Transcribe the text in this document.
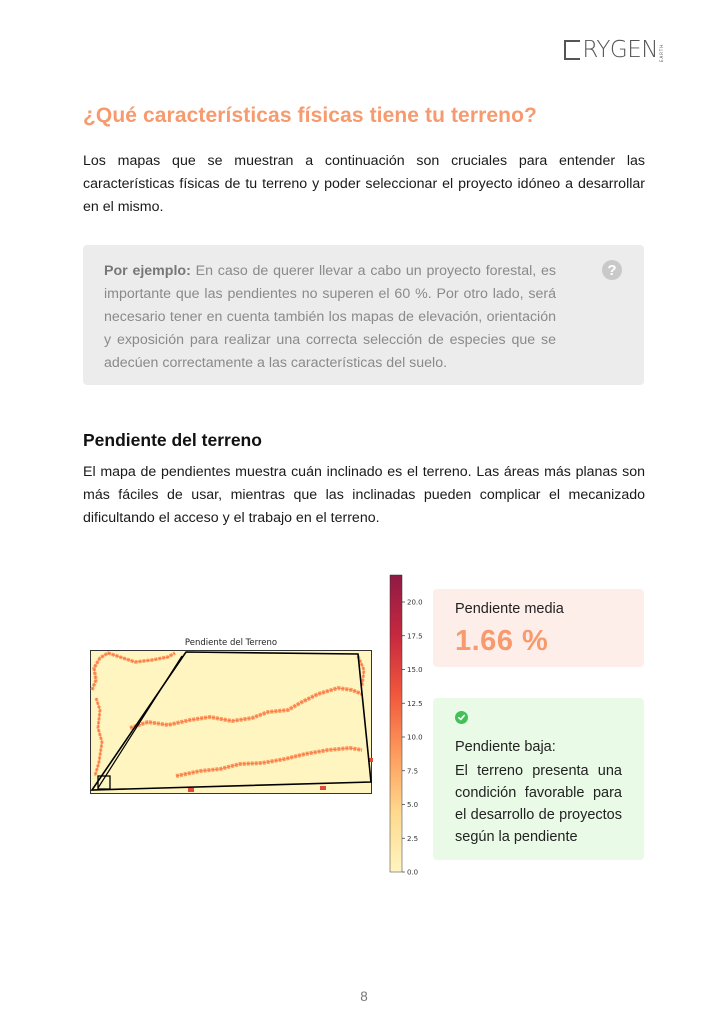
RYGEN EARTH
¿Qué características físicas tiene tu terreno?

Los mapas que se muestran a continuación son cruciales para entender las características físicas de tu terreno y poder seleccionar el proyecto idóneo a desarrollar en el mismo.

Por ejemplo: En caso de querer llevar a cabo un proyecto forestal, es importante que las pendientes no superen el 60 %. Por otro lado, será necesario tener en cuenta también los mapas de elevación, orientación y exposición para realizar una correcta selección de especies que se adecúen correctamente a las características del suelo.

?
Pendiente del terreno

El mapa de pendientes muestra cuán inclinado es el terreno. Las áreas más planas son más fáciles de usar, mientras que las inclinadas pueden complicar el mecanizado dificultando el acceso y el trabajo en el terreno.

Pendiente del Terreno
0.0
2.5
5.0
7.5
10.0
12.5
15.0
17.5
20.0 Pendiente media
1.66 %
Pendiente baja:

El terreno presenta una condición favorable para el desarrollo de proyectos según la pendiente

8
